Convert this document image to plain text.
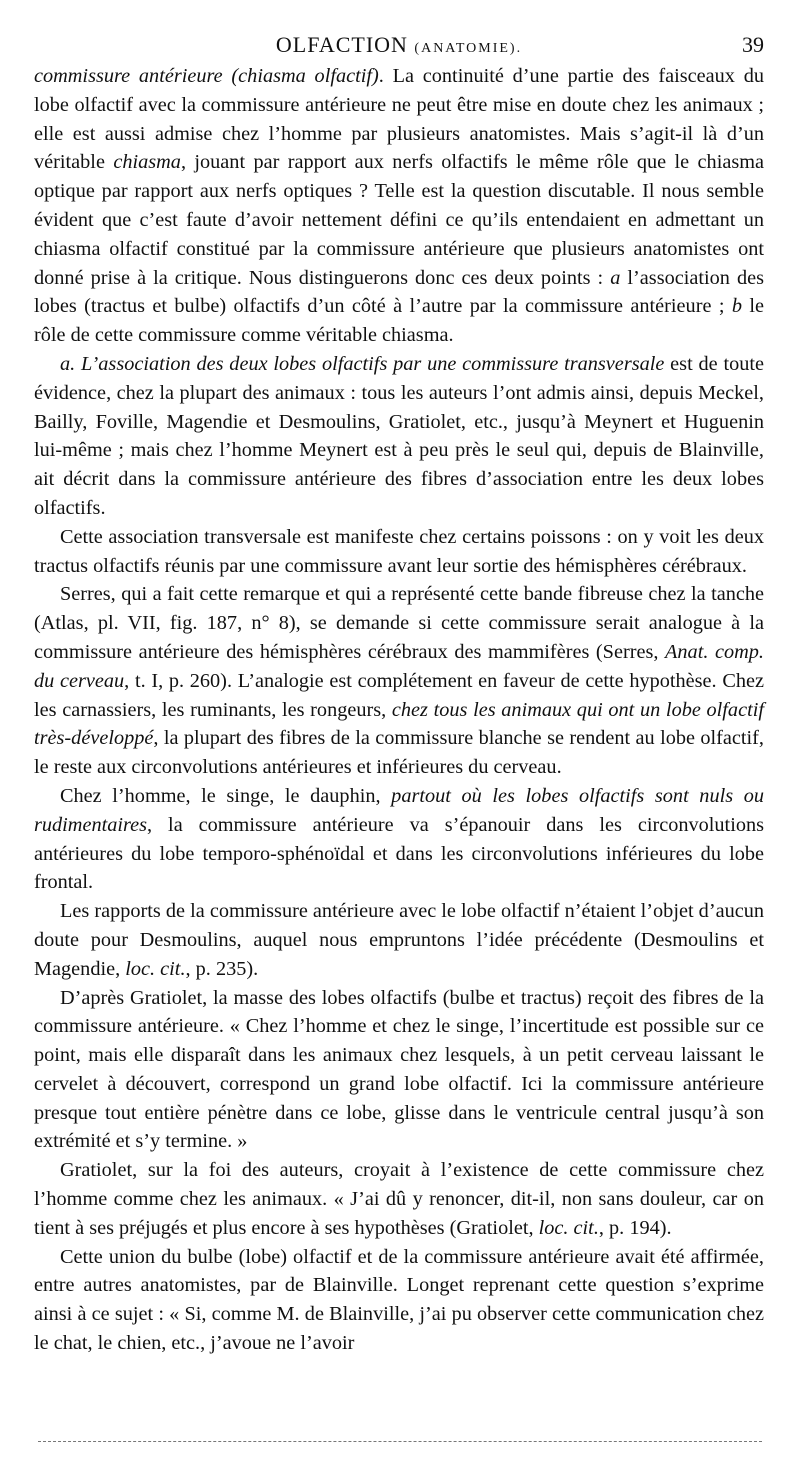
OLFACTION (ANATOMIE).	39

commissure antérieure (chiasma olfactif). La continuité d’une partie des faisceaux du lobe olfactif avec la commissure antérieure ne peut être mise en doute chez les animaux ; elle est aussi admise chez l’homme par plusieurs anatomistes. Mais s’agit-il là d’un véritable chiasma, jouant par rapport aux nerfs olfactifs le même rôle que le chiasma optique par rapport aux nerfs optiques ? Telle est la question discutable. Il nous semble évident que c’est faute d’avoir nettement défini ce qu’ils entendaient en admettant un chiasma olfactif constitué par la commissure antérieure que plusieurs anatomistes ont donné prise à la critique. Nous distinguerons donc ces deux points : a l’association des lobes (tractus et bulbe) olfactifs d’un côté à l’autre par la commissure antérieure ; b le rôle de cette commissure comme véritable chiasma.

a. L’association des deux lobes olfactifs par une commissure transversale est de toute évidence, chez la plupart des animaux : tous les auteurs l’ont admis ainsi, depuis Meckel, Bailly, Foville, Magendie et Desmoulins, Gratiolet, etc., jusqu’à Meynert et Huguenin lui-même ; mais chez l’homme Meynert est à peu près le seul qui, depuis de Blainville, ait décrit dans la commissure antérieure des fibres d’association entre les deux lobes olfactifs.

Cette association transversale est manifeste chez certains poissons : on y voit les deux tractus olfactifs réunis par une commissure avant leur sortie des hémisphères cérébraux.

Serres, qui a fait cette remarque et qui a représenté cette bande fibreuse chez la tanche (Atlas, pl. VII, fig. 187, n° 8), se demande si cette commissure serait analogue à la commissure antérieure des hémisphères cérébraux des mammifères (Serres, Anat. comp. du cerveau, t. I, p. 260). L’analogie est complétement en faveur de cette hypothèse. Chez les carnassiers, les ruminants, les rongeurs, chez tous les animaux qui ont un lobe olfactif très-développé, la plupart des fibres de la commissure blanche se rendent au lobe olfactif, le reste aux circonvolutions antérieures et inférieures du cerveau.

Chez l’homme, le singe, le dauphin, partout où les lobes olfactifs sont nuls ou rudimentaires, la commissure antérieure va s’épanouir dans les circonvolutions antérieures du lobe temporo-sphénoïdal et dans les circonvolutions inférieures du lobe frontal.

Les rapports de la commissure antérieure avec le lobe olfactif n’étaient l’objet d’aucun doute pour Desmoulins, auquel nous empruntons l’idée précédente (Desmoulins et Magendie, loc. cit., p. 235).

D’après Gratiolet, la masse des lobes olfactifs (bulbe et tractus) reçoit des fibres de la commissure antérieure. « Chez l’homme et chez le singe, l’incertitude est possible sur ce point, mais elle disparaît dans les animaux chez lesquels, à un petit cerveau laissant le cervelet à découvert, correspond un grand lobe olfactif. Ici la commissure antérieure presque tout entière pénètre dans ce lobe, glisse dans le ventricule central jusqu’à son extrémité et s’y termine. »

Gratiolet, sur la foi des auteurs, croyait à l’existence de cette commissure chez l’homme comme chez les animaux. « J’ai dû y renoncer, dit-il, non sans douleur, car on tient à ses préjugés et plus encore à ses hypothèses (Gratiolet, loc. cit., p. 194).

Cette union du bulbe (lobe) olfactif et de la commissure antérieure avait été affirmée, entre autres anatomistes, par de Blainville. Longet reprenant cette question s’exprime ainsi à ce sujet : « Si, comme M. de Blainville, j’ai pu observer cette communication chez le chat, le chien, etc., j’avoue ne l’avoir
